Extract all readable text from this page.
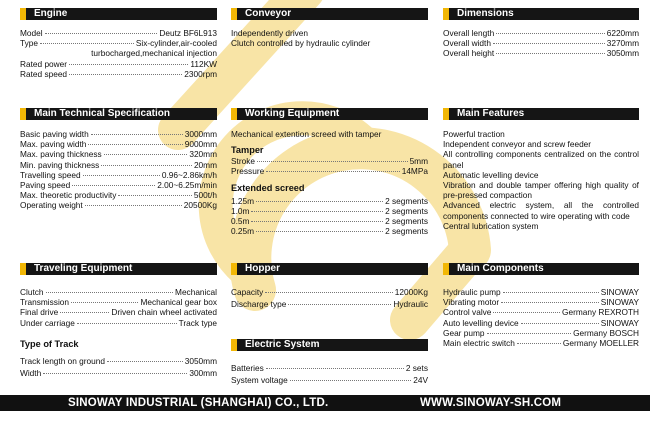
Engine
Model	Deutz BF6L913
Type	Six-cylinder,air-cooled
turbocharged,mechanical injection
Rated power	112KW
Rated speed	2300rpm
Conveyor
Independently driven
Clutch controlled by hydraulic cylinder
Dimensions
Overall length	6220mm
Overall width	3270mm
Overall height	3050mm
Main Technical Specification
Basic paving width	3000mm
Max. paving width	9000mm
Max. paving thickness	320mm
Min. paving thickness	20mm
Travelling speed	0.96~2.86km/h
Paving speed	2.00~6.25m/min
Max. theoretic productivity	500t/h
Operating weight	20500Kg
Working Equipment
Mechanical extention screed with tamper
Tamper
Stroke	5mm
Pressure	14MPa
Extended screed
1.25m	2 segments
1.0m	2 segments
0.5m	2 segments
0.25m	2 segments
Main Features
Powerful traction
Independent conveyor and screw feeder
All controlling components centralized on the control panel
Automatic levelling device
Vibration and double tamper offering high quality of pre-pressed compaction
Advanced electric system, all the controlled components connected to wire operating with code
Central lubrication system
Traveling Equipment
Clutch	Mechanical
Transmission	Mechanical gear box
Final drive	Driven chain wheel activated
Under carriage	Track type
Type of Track
Track length on ground	3050mm
Width	300mm
Hopper
Capacity	12000Kg
Discharge type	Hydraulic
Electric System
Batteries	2 sets
System voltage	24V
Main Components
Hydraulic pump	SINOWAY
Vibrating motor	SINOWAY
Control valve	Germany REXROTH
Auto levelling device	SINOWAY
Gear pump	Germany BOSCH
Main electric switch	Germany MOELLER
SINOWAY INDUSTRIAL (SHANGHAI) CO., LTD.	WWW.SINOWAY-SH.COM
